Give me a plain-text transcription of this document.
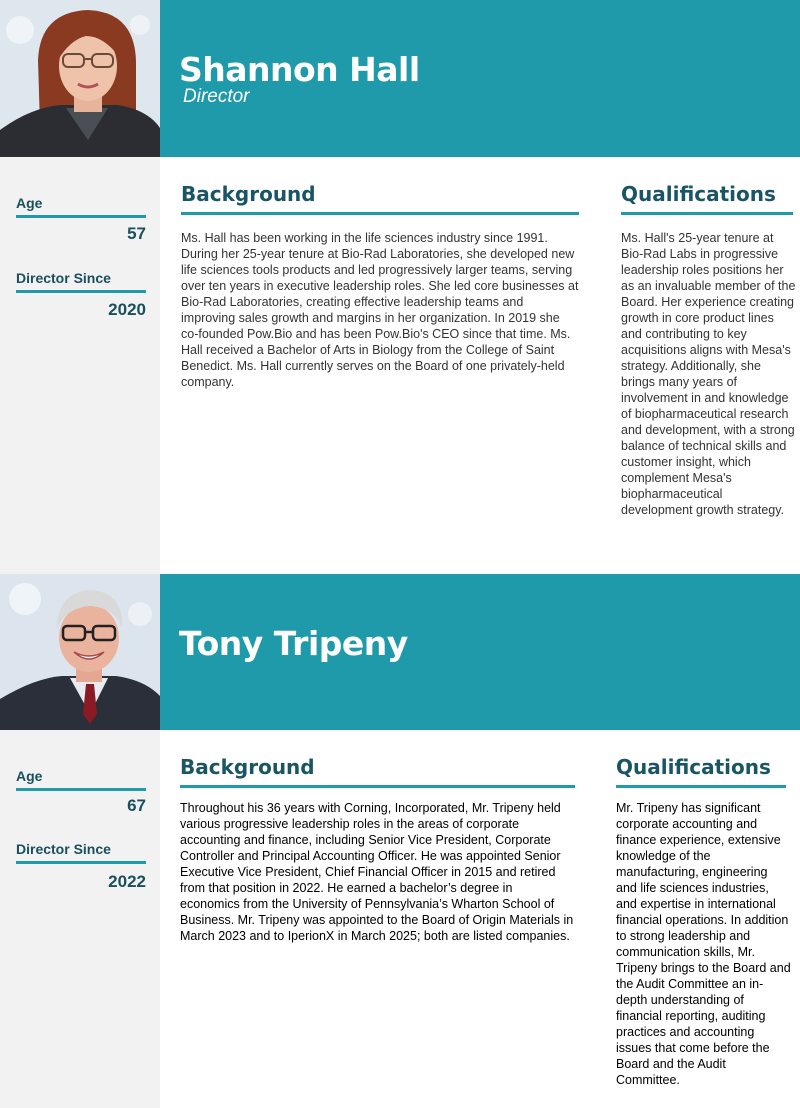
Shannon Hall
Director
Age
57
Director Since
2020
Background
Ms. Hall has been working in the life sciences industry since 1991. During her 25-year tenure at Bio-Rad Laboratories, she developed new life sciences tools products and led progressively larger teams, serving over ten years in executive leadership roles. She led core businesses at Bio-Rad Laboratories, creating effective leadership teams and improving sales growth and margins in her organization. In 2019 she co-founded Pow.Bio and has been Pow.Bio's CEO since that time. Ms. Hall received a Bachelor of Arts in Biology from the College of Saint Benedict. Ms. Hall currently serves on the Board of one privately-held company.
Qualifications
Ms. Hall's 25-year tenure at Bio-Rad Labs in progressive leadership roles positions her as an invaluable member of the Board. Her experience creating growth in core product lines and contributing to key acquisitions aligns with Mesa's strategy. Additionally, she brings many years of involvement in and knowledge of biopharmaceutical research and development, with a strong balance of technical skills and customer insight, which complement Mesa's biopharmaceutical development growth strategy.
Tony Tripeny
Age
67
Director Since
2022
Background
Throughout his 36 years with Corning, Incorporated, Mr. Tripeny held various progressive leadership roles in the areas of corporate accounting and finance, including Senior Vice President, Corporate Controller and Principal Accounting Officer. He was appointed Senior Executive Vice President, Chief Financial Officer in 2015 and retired from that position in 2022. He earned a bachelor’s degree in economics from the University of Pennsylvania’s Wharton School of Business. Mr. Tripeny was appointed to the Board of Origin Materials in March 2023 and to IperionX in March 2025; both are listed companies.
Qualifications
Mr. Tripeny has significant corporate accounting and finance experience, extensive knowledge of the manufacturing, engineering and life sciences industries, and expertise in international financial operations. In addition to strong leadership and communication skills, Mr. Tripeny brings to the Board and the Audit Committee an in-depth understanding of financial reporting, auditing practices and accounting issues that come before the Board and the Audit Committee.
